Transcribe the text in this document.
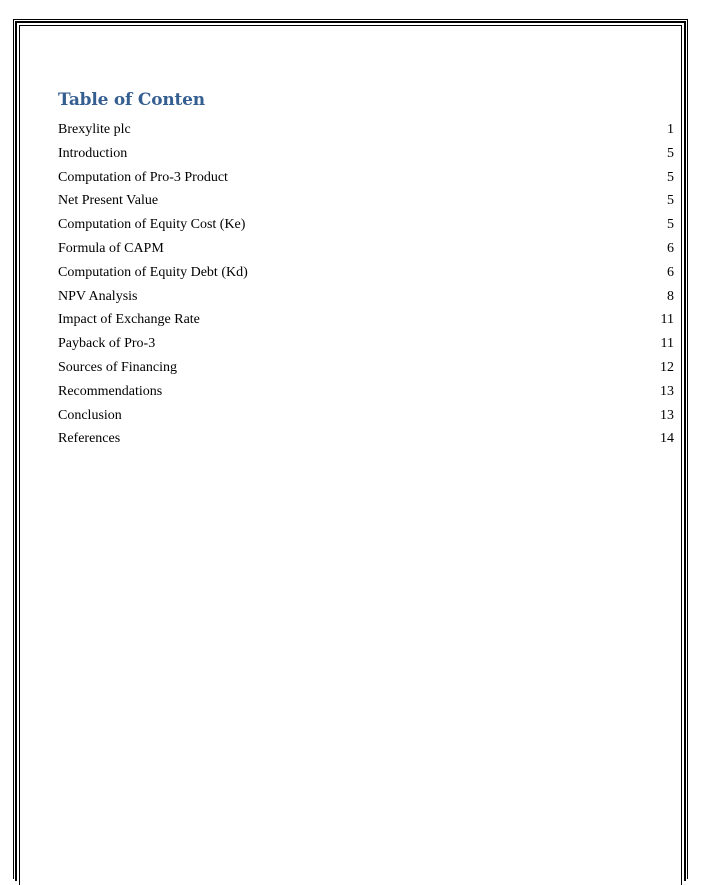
Table of Conten
Brexylite plc	1
Introduction	5
Computation of Pro-3 Product	5
Net Present Value	5
Computation of Equity Cost (Ke)	5
Formula of CAPM	6
Computation of Equity Debt (Kd)	6
NPV Analysis	8
Impact of Exchange Rate	11
Payback of Pro-3	11
Sources of Financing	12
Recommendations	13
Conclusion	13
References	14
